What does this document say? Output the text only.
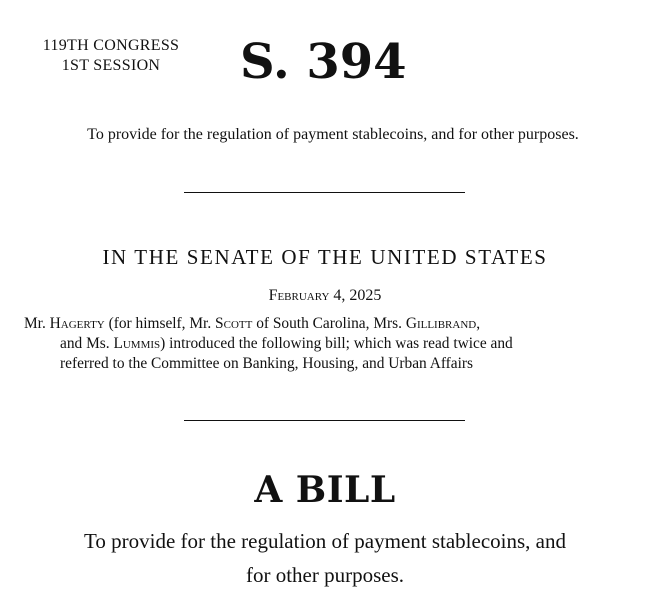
119TH CONGRESS
1ST SESSION	S. 394
To provide for the regulation of payment stablecoins, and for other purposes.
IN THE SENATE OF THE UNITED STATES
February 4, 2025
Mr. Hagerty (for himself, Mr. Scott of South Carolina, Mrs. Gillibrand,
and Ms. Lummis) introduced the following bill; which was read twice and
referred to the Committee on Banking, Housing, and Urban Affairs
A BILL
To provide for the regulation of payment stablecoins, and
for other purposes.
